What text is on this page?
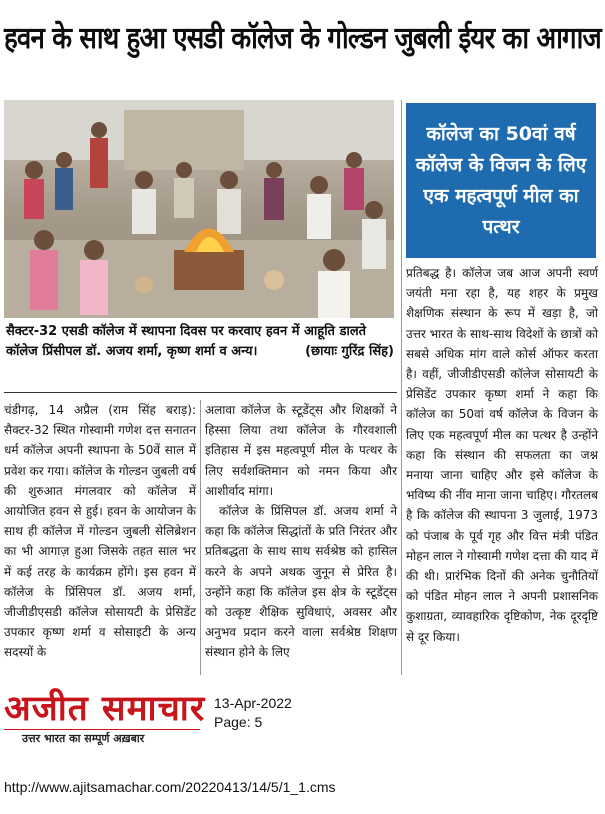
हवन के साथ हुआ एसडी कॉलेज के गोल्डन जुबली ईयर का आगाज
सैक्टर-32 एसडी कॉलेज में स्थापना दिवस पर करवाए हवन में आहूति डालते कॉलेज प्रिंसीपल डॉ. अजय शर्मा, कृष्ण शर्मा व अन्य।	(छायाः गुरिंद्र सिंह)
कॉलेज का 50वां वर्ष कॉलेज के विजन के लिए एक महत्वपूर्ण मील का पत्थर

चंडीगढ़, 14 अप्रैल (राम सिंह बराड़): सैक्टर-32 स्थित गोस्वामी गणेश दत्त सनातन धर्म कॉलेज अपनी स्थापना के 50वें साल में प्रवेश कर गया। कॉलेज के गोल्डन जुबली वर्ष की शुरुआत मंगलवार को कॉलेज में आयोजित हवन से हुई। हवन के आयोजन के साथ ही कॉलेज में गोल्डन जुबली सेलिब्रेशन का भी आगाज़ हुआ जिसके तहत साल भर में कई तरह के कार्यक्रम होंगे। इस हवन में कॉलेज के प्रिंसिपल डॉ. अजय शर्मा, जीजीडीएसडी कॉलेज सोसायटी के प्रेसिडेंट उपकार कृष्ण शर्मा व सोसाइटी के अन्य सदस्यों के

अलावा कॉलेज के स्टूडेंट्स और शिक्षकों ने हिस्सा लिया तथा कॉलेज के गौरवशाली इतिहास में इस महत्वपूर्ण मील के पत्थर के लिए सर्वशक्तिमान को नमन किया और आशीर्वाद मांगा।

कॉलेज के प्रिंसिपल डॉ. अजय शर्मा ने कहा कि कॉलेज सिद्धांतों के प्रति निरंतर और प्रतिबद्धता के साथ साथ सर्वश्रेष्ठ को हासिल करने के अपने अथक जुनून से प्रेरित है। उन्होंने कहा कि कॉलेज इस क्षेत्र के स्टूडेंट्स को उत्कृष्ट शैक्षिक सुविधाएं, अवसर और अनुभव प्रदान करने वाला सर्वश्रेष्ठ शिक्षण संस्थान होने के लिए

प्रतिबद्ध है। कॉलेज जब आज अपनी स्वर्ण जयंती मना रहा है, यह शहर के प्रमुख शैक्षणिक संस्थान के रूप में खड़ा है, जो उत्तर भारत के साथ-साथ विदेशों के छात्रों को सबसे अधिक मांग वाले कोर्स ऑफर करता है। वहीं, जीजीडीएसडी कॉलेज सोसायटी के प्रेसिडेंट उपकार कृष्ण शर्मा ने कहा कि कॉलेज का 50वां वर्ष कॉलेज के विजन के लिए एक महत्वपूर्ण मील का पत्थर है उन्होंने कहा कि संस्थान की सफलता का जश्न मनाया जाना चाहिए और इसे कॉलेज के भविष्य की नींव माना जाना चाहिए। गौरतलब है कि कॉलेज की स्थापना 3 जुलाई, 1973 को पंजाब के पूर्व गृह और वित्त मंत्री पंडित मोहन लाल ने गोस्वामी गणेश दत्ता की याद में की थी। प्रारंभिक दिनों की अनेक चुनौतियों को पंडित मोहन लाल ने अपनी प्रशासनिक कुशाग्रता, व्यावहारिक दृष्टिकोण, नेक दूरदृष्टि से दूर किया।

अजीत समाचार
उत्तर भारत का सम्पूर्ण अख़बार
13-Apr-2022
Page: 5
http://www.ajitsamachar.com/20220413/14/5/1_1.cms
